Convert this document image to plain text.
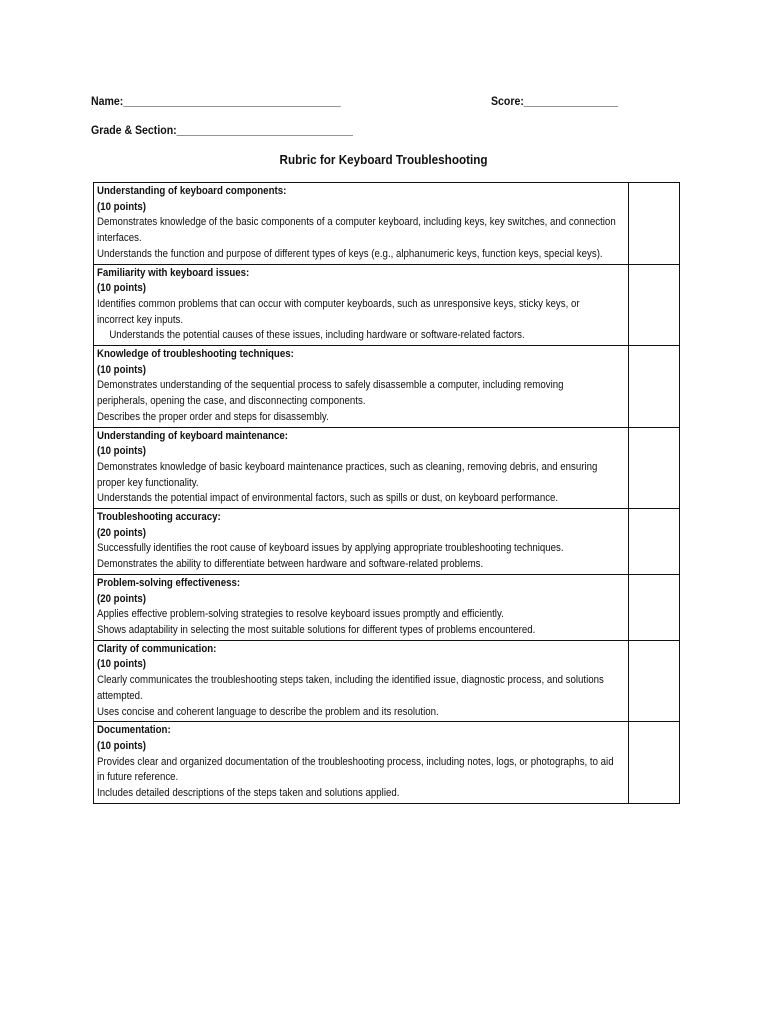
Name:_____________________________________	Score:________________
Grade & Section:______________________________
Rubric for Keyboard Troubleshooting
Understanding of keyboard components:
(10 points)
Demonstrates knowledge of the basic components of a computer keyboard, including keys, key switches, and connection interfaces.
Understands the function and purpose of different types of keys (e.g., alphanumeric keys, function keys, special keys).	

Familiarity with keyboard issues:
(10 points)
Identifies common problems that can occur with computer keyboards, such as unresponsive keys, sticky keys, or incorrect key inputs.
Understands the potential causes of these issues, including hardware or software-related factors.	

Knowledge of troubleshooting techniques:
(10 points)
Demonstrates understanding of the sequential process to safely disassemble a computer, including removing peripherals, opening the case, and disconnecting components.
Describes the proper order and steps for disassembly.	

Understanding of keyboard maintenance:
(10 points)
Demonstrates knowledge of basic keyboard maintenance practices, such as cleaning, removing debris, and ensuring proper key functionality.
Understands the potential impact of environmental factors, such as spills or dust, on keyboard performance.	

Troubleshooting accuracy:
(20 points)
Successfully identifies the root cause of keyboard issues by applying appropriate troubleshooting techniques.
Demonstrates the ability to differentiate between hardware and software-related problems.	

Problem-solving effectiveness:
(20 points)
Applies effective problem-solving strategies to resolve keyboard issues promptly and efficiently.
Shows adaptability in selecting the most suitable solutions for different types of problems encountered.	

Clarity of communication:
(10 points)
Clearly communicates the troubleshooting steps taken, including the identified issue, diagnostic process, and solutions attempted.
Uses concise and coherent language to describe the problem and its resolution.	

Documentation:
(10 points)
Provides clear and organized documentation of the troubleshooting process, including notes, logs, or photographs, to aid in future reference.
Includes detailed descriptions of the steps taken and solutions applied.	
